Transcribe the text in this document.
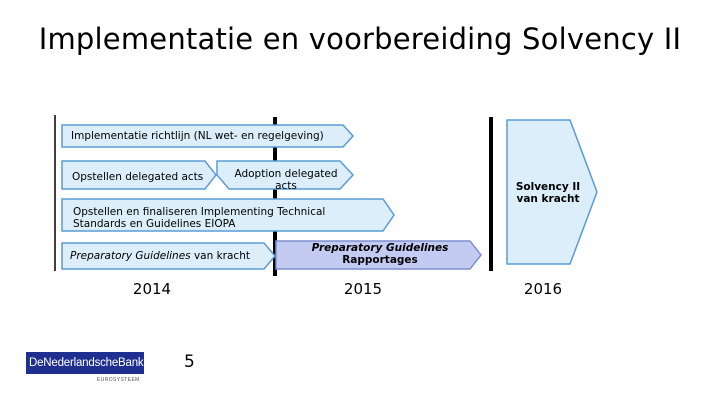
Implementatie en voorbereiding Solvency II
Implementatie richtlijn (NL wet- en regelgeving)
Opstellen delegated acts	Adoption delegated acts
Opstellen en finaliseren Implementing Technical
Standards en Guidelines EIOPA
Preparatory Guidelines van kracht
Preparatory Guidelines
Rapportages
Solvency II
van kracht
2014	2015	2016
DeNederlandscheBank
EUROSYSTEEM
5
